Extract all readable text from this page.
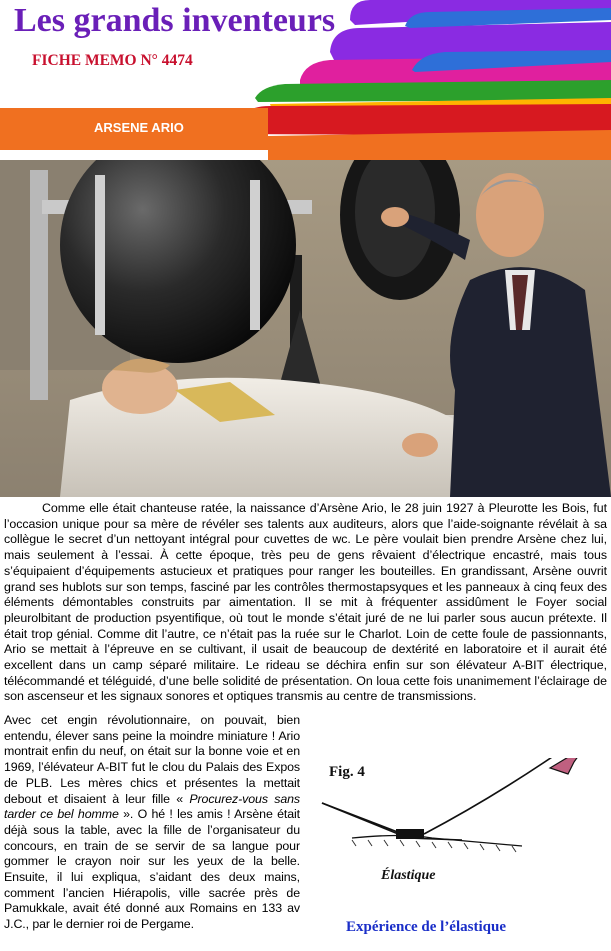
Les grands inventeurs
FICHE MEMO N° 4474
ARSENE ARIO

Comme elle était chanteuse ratée, la naissance d’Arsène Ario, le 28 juin 1927 à Pleurotte les Bois, fut l’occasion unique pour sa mère de révéler ses talents aux auditeurs, alors que l’aide-soignante révélait à sa collègue le secret d’un nettoyant intégral pour cuvettes de wc. Le père voulait bien prendre Arsène chez lui, mais seulement à l’essai. À cette époque, très peu de gens rêvaient d’électrique encastré, mais tous s’équipaient d’équipements astucieux et pratiques pour ranger les bouteilles. En grandissant, Arsène ouvrit grand ses hublots sur son temps, fasciné par les contrôles thermostapsyques et les panneaux à cinq feux des éléments démontables construits par aimentation. Il se mit à fréquenter assidûment le Foyer social pleurolbitant de production psyentifique, où tout le monde s’était juré de ne lui parler sous aucun prétexte. Il était trop génial. Comme dit l’autre, ce n’était pas la ruée sur le Charlot. Loin de cette foule de passionnants, Ario se mettait à l’épreuve en se cultivant, il usait de beaucoup de dextérité en laboratoire et il aurait été excellent dans un camp séparé militaire. Le rideau se déchira enfin sur son élévateur A-BIT électrique, télécommandé et téléguidé, d’une belle solidité de présentation. On loua cette fois unanimement l’éclairage de son ascenseur et les signaux sonores et optiques transmis au centre de transmissions.

Avec cet engin révolutionnaire, on pouvait, bien entendu, élever sans peine la moindre miniature ! Ario montrait enfin du neuf, on était sur la bonne voie et en 1969, l’élévateur A-BIT fut le clou du Palais des Expos de PLB. Les mères chics et présentes la mettait debout et disaient à leur fille « Procurez-vous sans tarder ce bel homme ». O hé ! les amis ! Arsène était déjà sous la table, avec la fille de l’organisateur du concours, en train de se servir de sa langue pour gommer le crayon noir sur les yeux de la belle. Ensuite, il lui expliqua, s’aidant des deux mains, comment l’ancien Hiérapolis, ville sacrée près de Pamukkale, avait été donné aux Romains en 133 av J.C., par le dernier roi de Pergame.

Fig. 4
Élastique
Expérience de l’élastique
